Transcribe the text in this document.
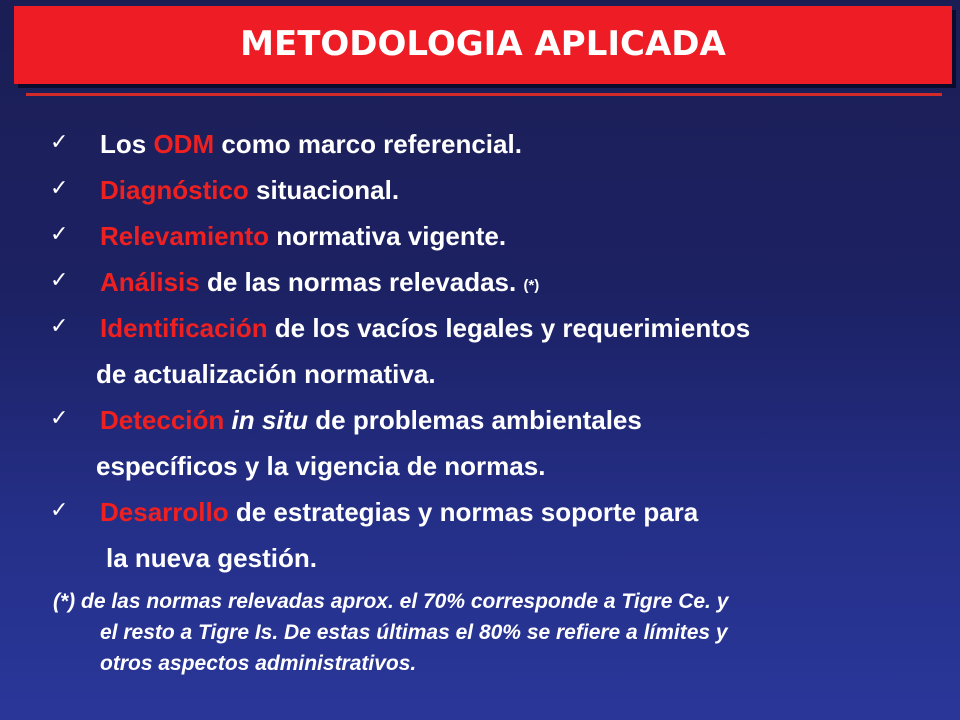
METODOLOGIA APLICADA
✓ Los ODM como marco referencial.
✓ Diagnóstico situacional.
✓ Relevamiento normativa vigente.
✓ Análisis de las normas relevadas. (*)
✓ Identificación de los vacíos legales y requerimientos
de actualización normativa.
✓ Detección in situ de problemas ambientales
específicos y la vigencia de normas.
✓ Desarrollo de estrategias y normas soporte para
la nueva gestión.
(*) de las normas relevadas aprox. el 70% corresponde a Tigre Ce. y
el resto a Tigre Is. De estas últimas el 80% se refiere a límites y
otros aspectos administrativos.
